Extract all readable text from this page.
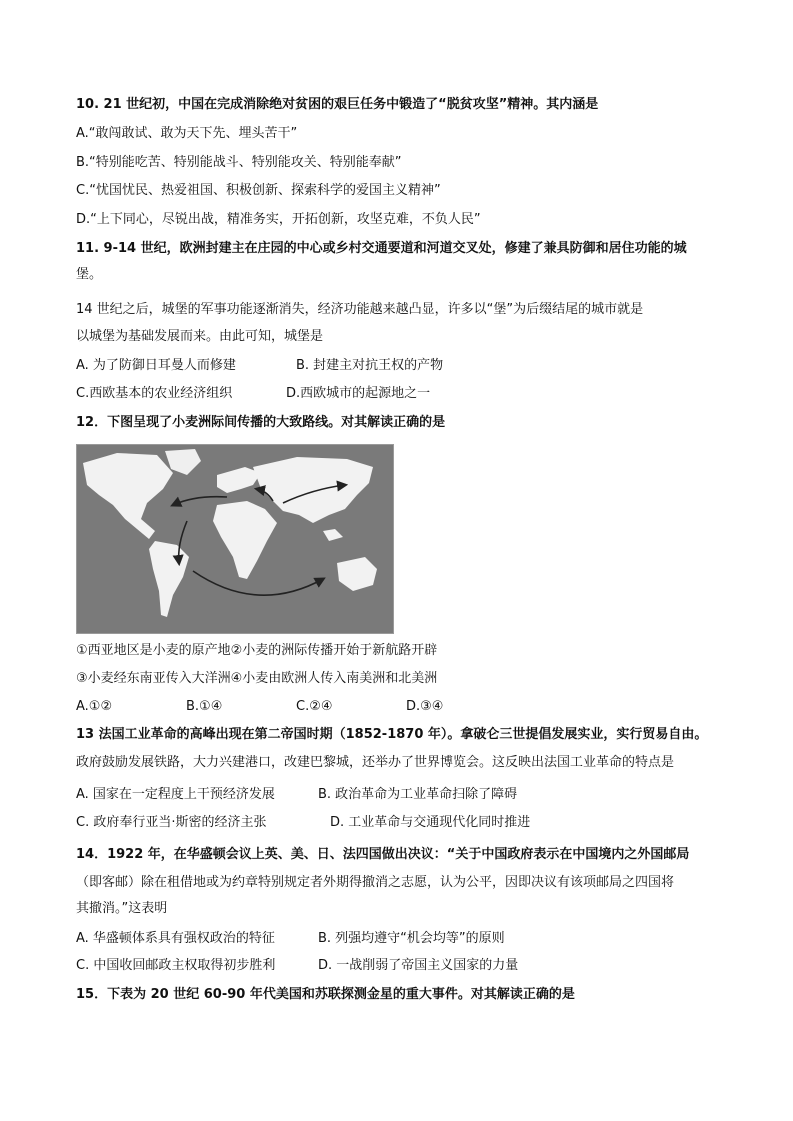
10. 21 世纪初，中国在完成消除绝对贫困的艰巨任务中锻造了“脱贫攻坚”精神。其内涵是
A.“敢闯敢试、敢为天下先、埋头苦干”
B.“特别能吃苦、特别能战斗、特别能攻关、特别能奉献”
C.“忧国忧民、热爱祖国、积极创新、探索科学的爱国主义精神”
D.“上下同心，尽锐出战，精准务实，开拓创新，攻坚克难，不负人民”
11. 9-14 世纪，欧洲封建主在庄园的中心或乡村交通要道和河道交叉处，修建了兼具防御和居住功能的城
堡。
14 世纪之后，城堡的军事功能逐渐消失，经济功能越来越凸显，许多以“堡”为后缀结尾的城市就是
以城堡为基础发展而来。由此可知，城堡是
A. 为了防御日耳曼人而修建	B. 封建主对抗王权的产物
C.西欧基本的农业经济组织	D.西欧城市的起源地之一
12．下图呈现了小麦洲际间传播的大致路线。对其解读正确的是
①西亚地区是小麦的原产地②小麦的洲际传播开始于新航路开辟
③小麦经东南亚传入大洋洲④小麦由欧洲人传入南美洲和北美洲
A.①②	B.①④	C.②④	D.③④
13 法国工业革命的高峰出现在第二帝国时期（1852-1870 年）。拿破仑三世提倡发展实业，实行贸易自由。
政府鼓励发展铁路，大力兴建港口，改建巴黎城，还举办了世界博览会。这反映出法国工业革命的特点是
A. 国家在一定程度上干预经济发展	B. 政治革命为工业革命扫除了障碍
C. 政府奉行亚当·斯密的经济主张	D. 工业革命与交通现代化同时推进
14．1922 年，在华盛顿会议上英、美、日、法四国做出决议：“关于中国政府表示在中国境内之外国邮局
（即客邮）除在租借地或为约章特别规定者外期得撤消之志愿，认为公平，因即决议有该项邮局之四国将
其撤消。”这表明
A. 华盛顿体系具有强权政治的特征	B. 列强均遵守“机会均等”的原则
C. 中国收回邮政主权取得初步胜利	D. 一战削弱了帝国主义国家的力量
15．下表为 20 世纪 60-90 年代美国和苏联探测金星的重大事件。对其解读正确的是
